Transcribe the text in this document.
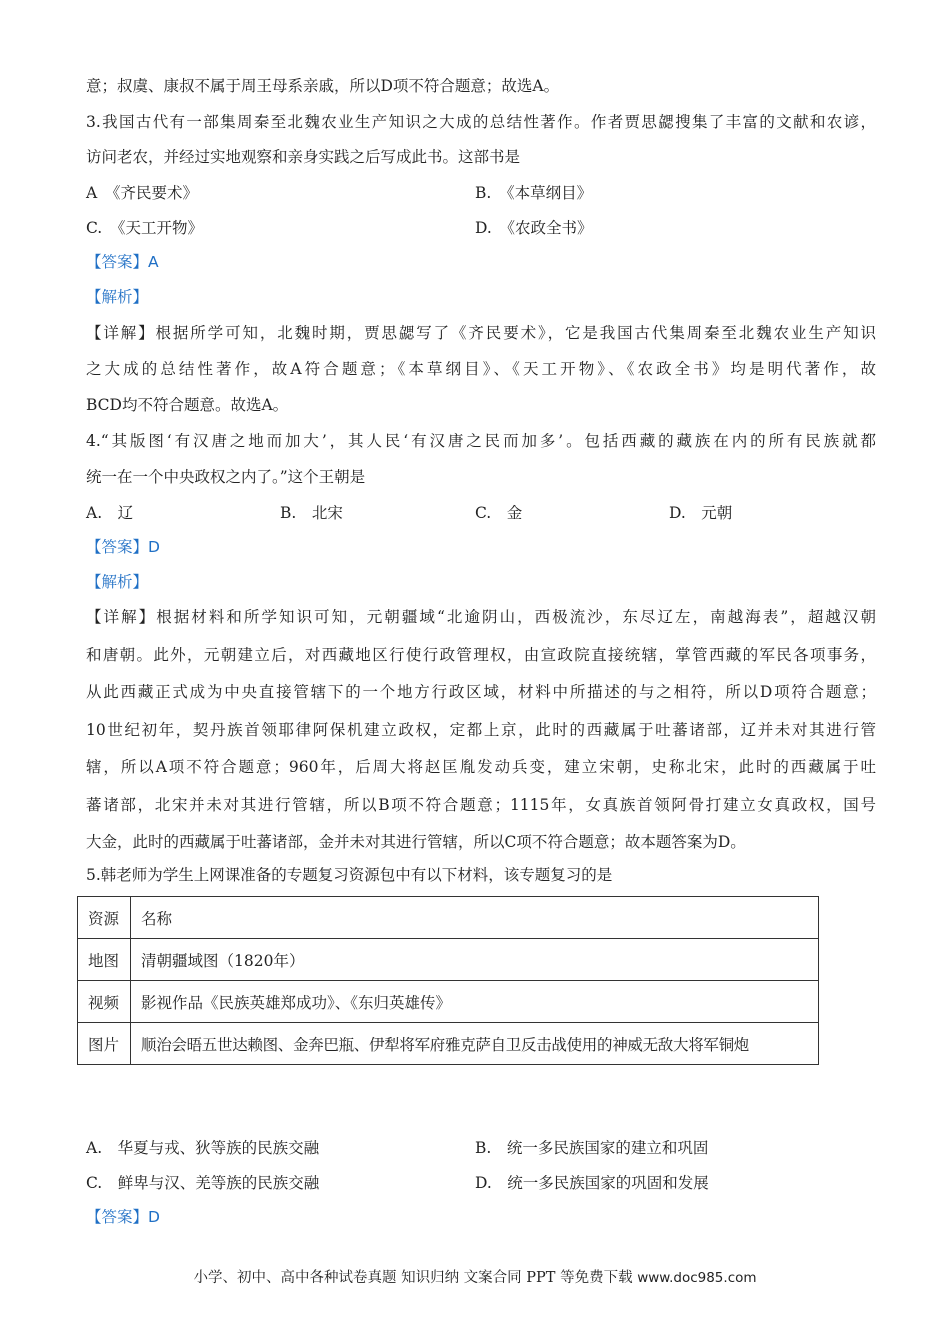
意；叔虞、康叔不属于周王母系亲戚，所以D项不符合题意；故选A。
3.我国古代有一部集周秦至北魏农业生产知识之大成的总结性著作。作者贾思勰搜集了丰富的文献和农谚，
访问老农，并经过实地观察和亲身实践之后写成此书。这部书是
A　《齐民要术》	B.　《本草纲目》
C.　《天工开物》	D.　《农政全书》
【答案】A
【解析】
【详解】根据所学可知，北魏时期，贾思勰写了《齐民要术》，它是我国古代集周秦至北魏农业生产知识
之大成的总结性著作，故A符合题意；《本草纲目》、《天工开物》、《农政全书》均是明代著作，故
BCD均不符合题意。故选A。
4.“其版图‘有汉唐之地而加大’，其人民‘有汉唐之民而加多’。包括西藏的藏族在内的所有民族就都
统一在一个中央政权之内了。”这个王朝是
A.　辽	B.　北宋	C.　金	D.　元朝
【答案】D
【解析】
【详解】根据材料和所学知识可知，元朝疆域“北逾阴山，西极流沙，东尽辽左，南越海表”，超越汉朝
和唐朝。此外，元朝建立后，对西藏地区行使行政管理权，由宣政院直接统辖，掌管西藏的军民各项事务，
从此西藏正式成为中央直接管辖下的一个地方行政区域，材料中所描述的与之相符，所以D项符合题意；
10世纪初年，契丹族首领耶律阿保机建立政权，定都上京，此时的西藏属于吐蕃诸部，辽并未对其进行管
辖，所以A项不符合题意；960年，后周大将赵匡胤发动兵变，建立宋朝，史称北宋，此时的西藏属于吐
蕃诸部，北宋并未对其进行管辖，所以B项不符合题意；1115年，女真族首领阿骨打建立女真政权，国号
大金，此时的西藏属于吐蕃诸部，金并未对其进行管辖，所以C项不符合题意；故本题答案为D。
5.韩老师为学生上网课准备的专题复习资源包中有以下材料，该专题复习的是
资源	名称
地图	清朝疆域图（1820年）
视频	影视作品《民族英雄郑成功》、《东归英雄传》
图片	顺治会晤五世达赖图、金奔巴瓶、伊犁将军府雅克萨自卫反击战使用的神威无敌大将军铜炮
A.　华夏与戎、狄等族的民族交融	B.　统一多民族国家的建立和巩固
C.　鲜卑与汉、羌等族的民族交融	D.　统一多民族国家的巩固和发展
【答案】D
小学、初中、高中各种试卷真题 知识归纳 文案合同 PPT 等免费下载 www.doc985.com
